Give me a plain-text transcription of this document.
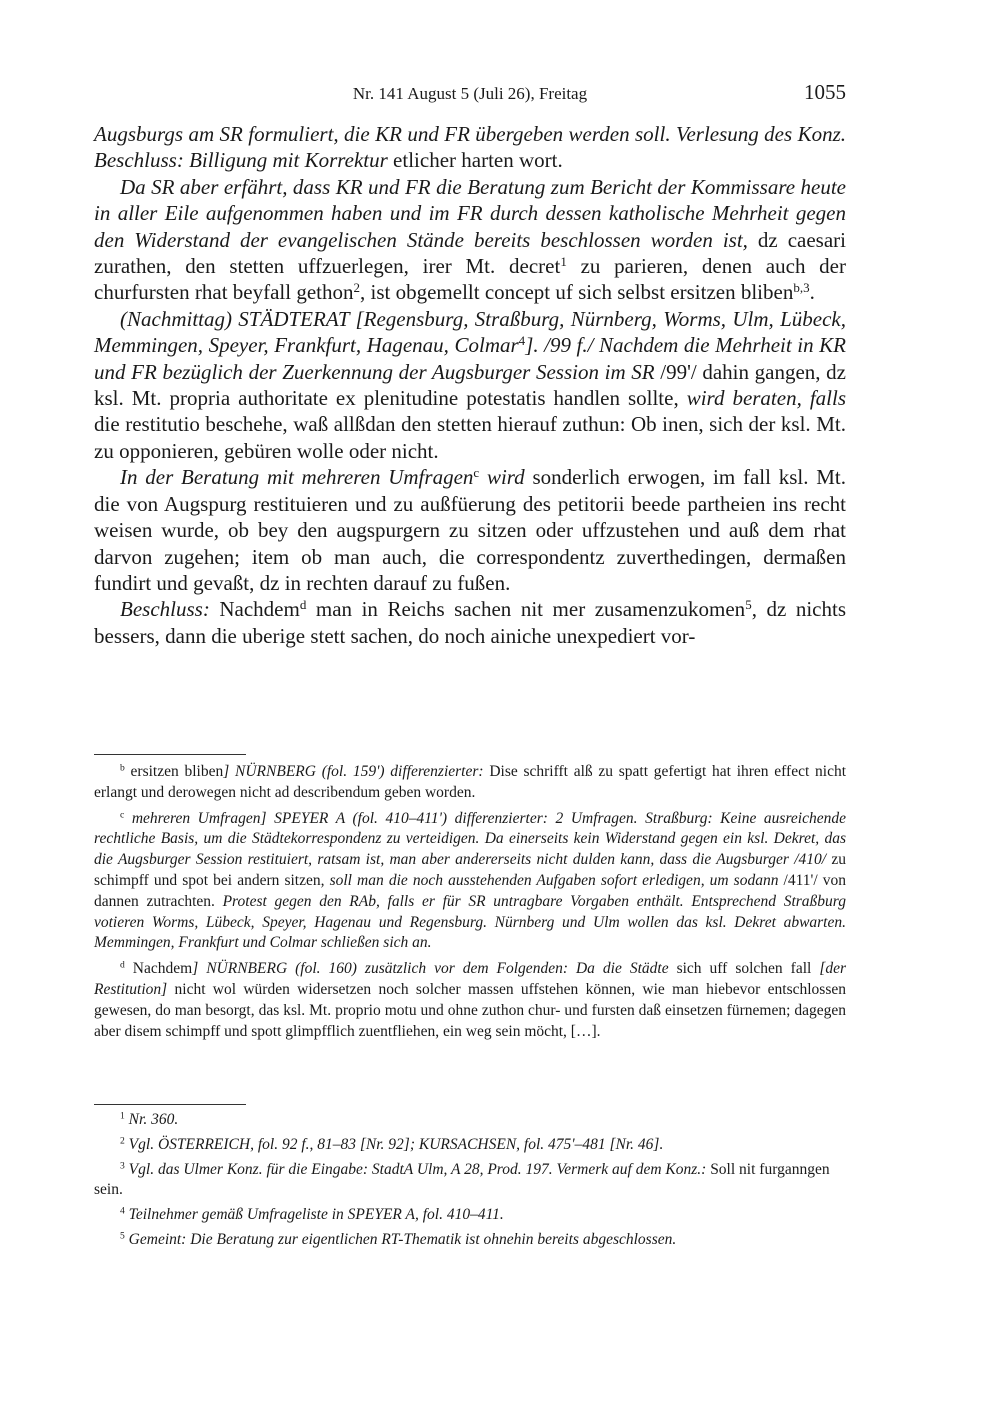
Nr. 141 August 5 (Juli 26), Freitag	1055

Augsburgs am SR formuliert, die KR und FR übergeben werden soll. Verlesung des Konz. Beschluss: Billigung mit Korrektur etlicher harten wort.

Da SR aber erfährt, dass KR und FR die Beratung zum Bericht der Kommissare heute in aller Eile aufgenommen haben und im FR durch dessen katholische Mehrheit gegen den Widerstand der evangelischen Stände bereits beschlossen worden ist, dz caesari zurathen, den stetten uffzuerlegen, irer Mt. decret$^1$ zu parieren, denen auch der churfursten rhat beyfall gethon$^2$, ist obgemellt concept uf sich selbst ersitzen bliben$^{b,3}$.

(Nachmittag) STÄDTERAT [Regensburg, Straßburg, Nürnberg, Worms, Ulm, Lübeck, Memmingen, Speyer, Frankfurt, Hagenau, Colmar$^4$]. /99 f./ Nachdem die Mehrheit in KR und FR bezüglich der Zuerkennung der Augsburger Session im SR /99'/ dahin gangen, dz ksl. Mt. propria authoritate ex plenitudine potestatis handlen sollte, wird beraten, falls die restitutio beschehe, waß allßdan den stetten hierauf zuthun: Ob inen, sich der ksl. Mt. zu opponieren, gebüren wolle oder nicht.

In der Beratung mit mehreren Umfragen$^c$ wird sonderlich erwogen, im fall ksl. Mt. die von Augspurg restituieren und zu außfüerung des petitorii beede partheien ins recht weisen wurde, ob bey den augspurgern zu sitzen oder uffzustehen und auß dem rhat darvon zugehen; item ob man auch, die correspondentz zuverthedingen, dermaßen fundirt und gevaßt, dz in rechten darauf zu fußen.

Beschluss: Nachdem$^d$ man in Reichs sachen nit mer zusamenzukomen$^5$, dz nichts bessers, dann die uberige stett sachen, do noch ainiche unexpediert vor-

$^b$ ersitzen bliben] NÜRNBERG (fol. 159') differenzierter: Dise schrifft alß zu spatt gefertigt hat ihren effect nicht erlangt und derowegen nicht ad describendum geben worden.

$^c$ mehreren Umfragen] SPEYER A (fol. 410–411') differenzierter: 2 Umfragen. Straßburg: Keine ausreichende rechtliche Basis, um die Städtekorrespondenz zu verteidigen. Da einerseits kein Widerstand gegen ein ksl. Dekret, das die Augsburger Session restituiert, ratsam ist, man aber andererseits nicht dulden kann, dass die Augsburger /410/ zu schimpff und spot bei andern sitzen, soll man die noch ausstehenden Aufgaben sofort erledigen, um sodann /411'/ von dannen zutrachten. Protest gegen den RAb, falls er für SR untragbare Vorgaben enthält. Entsprechend Straßburg votieren Worms, Lübeck, Speyer, Hagenau und Regensburg. Nürnberg und Ulm wollen das ksl. Dekret abwarten. Memmingen, Frankfurt und Colmar schließen sich an.

$^d$ Nachdem] NÜRNBERG (fol. 160) zusätzlich vor dem Folgenden: Da die Städte sich uff solchen fall [der Restitution] nicht wol würden widersetzen noch solcher massen uffstehen können, wie man hiebevor entschlossen gewesen, do man besorgt, das ksl. Mt. proprio motu und ohne zuthon chur- und fursten daß einsetzen fürnemen; dagegen aber disem schimpff und spott glimpfflich zuentfliehen, ein weg sein möcht, […].

$^1$ Nr. 360.

$^2$ Vgl. ÖSTERREICH, fol. 92 f., 81–83 [Nr. 92]; KURSACHSEN, fol. 475'–481 [Nr. 46].

$^3$ Vgl. das Ulmer Konz. für die Eingabe: StadtA Ulm, A 28, Prod. 197. Vermerk auf dem Konz.: Soll nit furganngen sein.

$^4$ Teilnehmer gemäß Umfrageliste in SPEYER A, fol. 410–411.

$^5$ Gemeint: Die Beratung zur eigentlichen RT-Thematik ist ohnehin bereits abgeschlossen.
